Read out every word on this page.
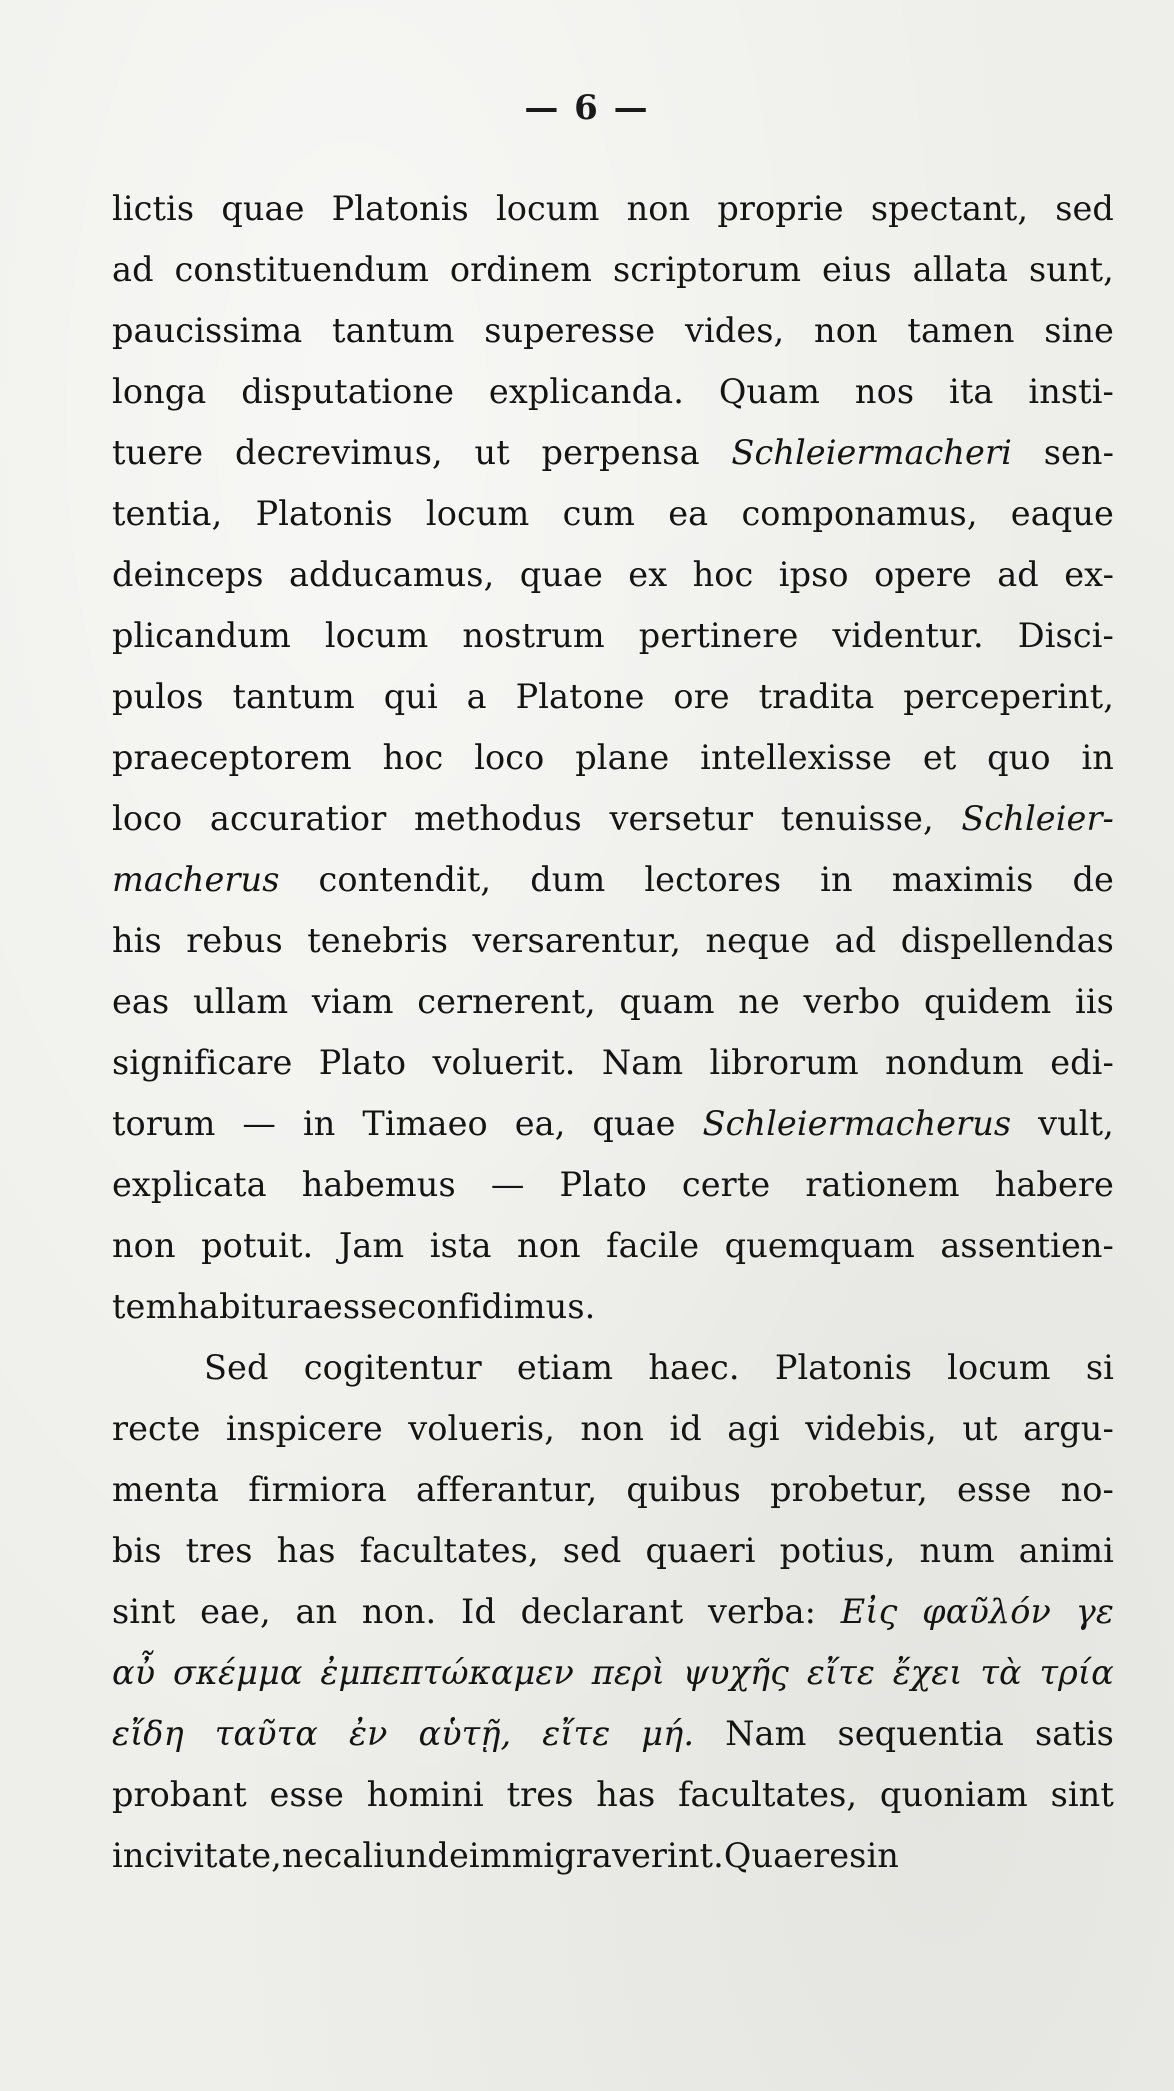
— 6 —
lictis quae Platonis locum non proprie spectant, sed
ad constituendum ordinem scriptorum eius allata sunt,
paucissima tantum superesse vides, non tamen sine
longa disputatione explicanda. Quam nos ita insti-
tuere decrevimus, ut perpensa Schleiermacheri sen-
tentia, Platonis locum cum ea componamus, eaque
deinceps adducamus, quae ex hoc ipso opere ad ex-
plicandum locum nostrum pertinere videntur. Disci-
pulos tantum qui a Platone ore tradita perceperint,
praeceptorem hoc loco plane intellexisse et quo in
loco accuratior methodus versetur tenuisse, Schleier-
macherus contendit, dum lectores in maximis de
his rebus tenebris versarentur, neque ad dispellendas
eas ullam viam cernerent, quam ne verbo quidem iis
significare Plato voluerit. Nam librorum nondum edi-
torum — in Timaeo ea, quae Schleiermacherus vult,
explicata habemus — Plato certe rationem habere
non potuit. Jam ista non facile quemquam assentien-
tem habitura esse confidimus.
Sed cogitentur etiam haec. Platonis locum si
recte inspicere volueris, non id agi videbis, ut argu-
menta firmiora afferantur, quibus probetur, esse no-
bis tres has facultates, sed quaeri potius, num animi
sint eae, an non. Id declarant verba: Εἰς φαῦλόν γε
αὖ σκέμμα ἐμπεπτώκαμεν περὶ ψυχῆς εἴτε ἔχει τὰ τρία
εἴδη ταῦτα ἐν αὑτῇ, εἴτε μή. Nam sequentia satis
probant esse homini tres has facultates, quoniam sint
in civitate, nec aliunde immigraverint. Quae res in
